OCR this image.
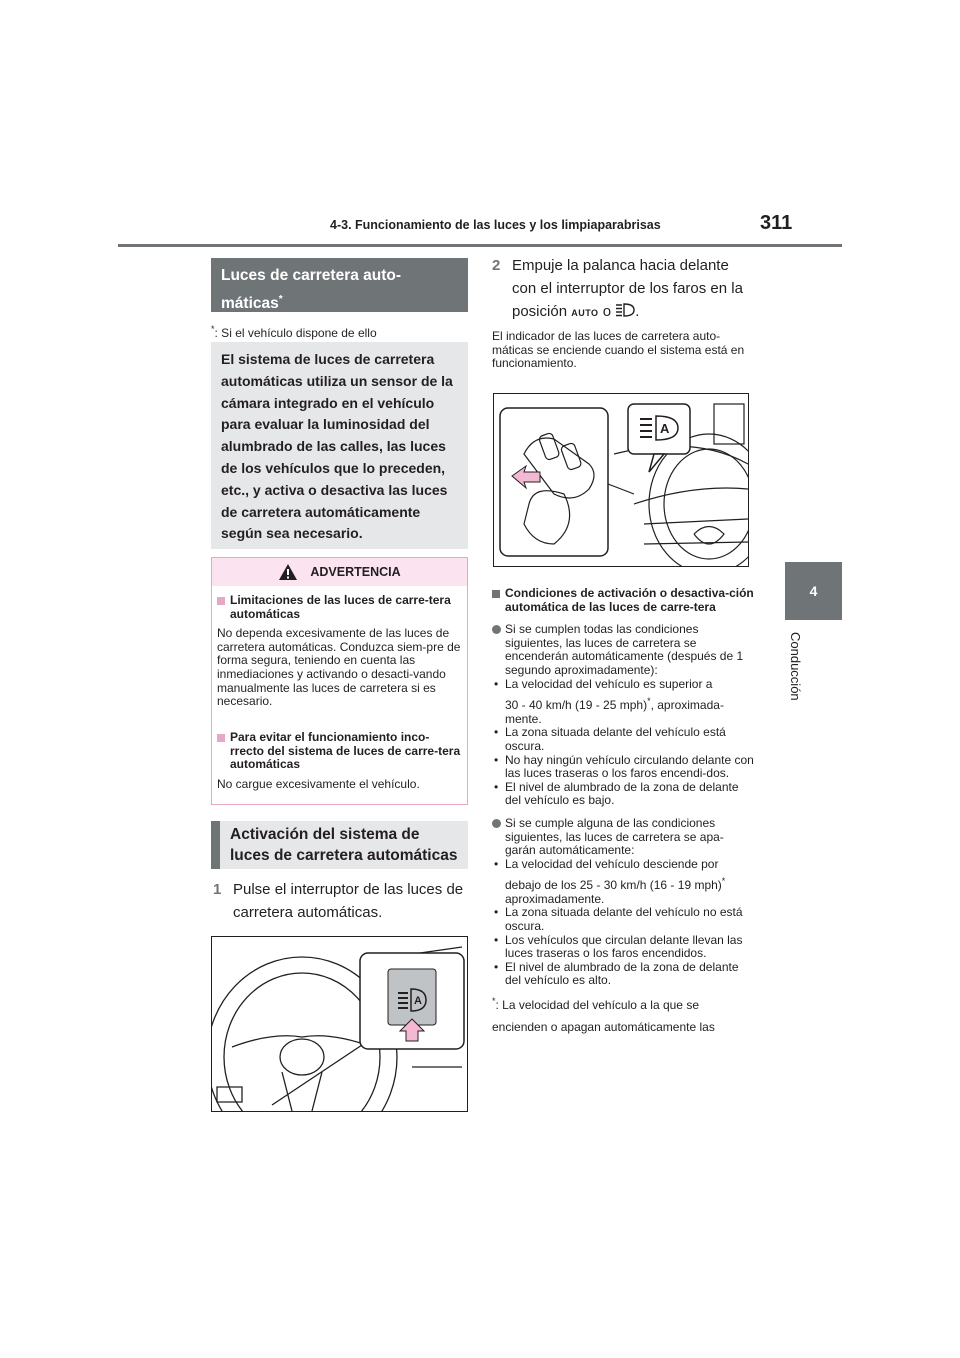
4-3. Funcionamiento de las luces y los limpiaparabrisas	311
4
Conducción
Luces de carretera auto-
máticas*
*: Si el vehículo dispone de ello
El sistema de luces de carretera automáticas utiliza un sensor de la cámara integrado en el vehículo para evaluar la luminosidad del alumbrado de las calles, las luces de los vehículos que lo preceden, etc., y activa o desactiva las luces de carretera automáticamente según sea necesario.
ADVERTENCIA
Limitaciones de las luces de carre-tera automáticas
No dependa excesivamente de las luces de carretera automáticas. Conduzca siem-pre de forma segura, teniendo en cuenta las inmediaciones y activando o desacti-vando manualmente las luces de carretera si es necesario.
Para evitar el funcionamiento inco-rrecto del sistema de luces de carre-tera automáticas
No cargue excesivamente el vehículo.
Activación del sistema de luces de carretera automáticas
1 Pulse el interruptor de las luces de carretera automáticas.
A
2 Empuje la palanca hacia delante con el interruptor de los faros en la posición AUTO o .
El indicador de las luces de carretera auto-máticas se enciende cuando el sistema está en funcionamiento.
A
Condiciones de activación o desactiva-ción automática de las luces de carre-tera
Si se cumplen todas las condiciones siguientes, las luces de carretera se encenderán automáticamente (después de 1 segundo aproximadamente):
• La velocidad del vehículo es superior a
30 - 40 km/h (19 - 25 mph)*, aproximada-mente.
• La zona situada delante del vehículo está oscura.
• No hay ningún vehículo circulando delante con las luces traseras o los faros encendi-dos.
• El nivel de alumbrado de la zona de delante del vehículo es bajo.
Si se cumple alguna de las condiciones siguientes, las luces de carretera se apa-garán automáticamente:
• La velocidad del vehículo desciende por
debajo de los 25 - 30 km/h (16 - 19 mph)*
aproximadamente.
• La zona situada delante del vehículo no está oscura.
• Los vehículos que circulan delante llevan las luces traseras o los faros encendidos.
• El nivel de alumbrado de la zona de delante del vehículo es alto.
*: La velocidad del vehículo a la que se encienden o apagan automáticamente las
